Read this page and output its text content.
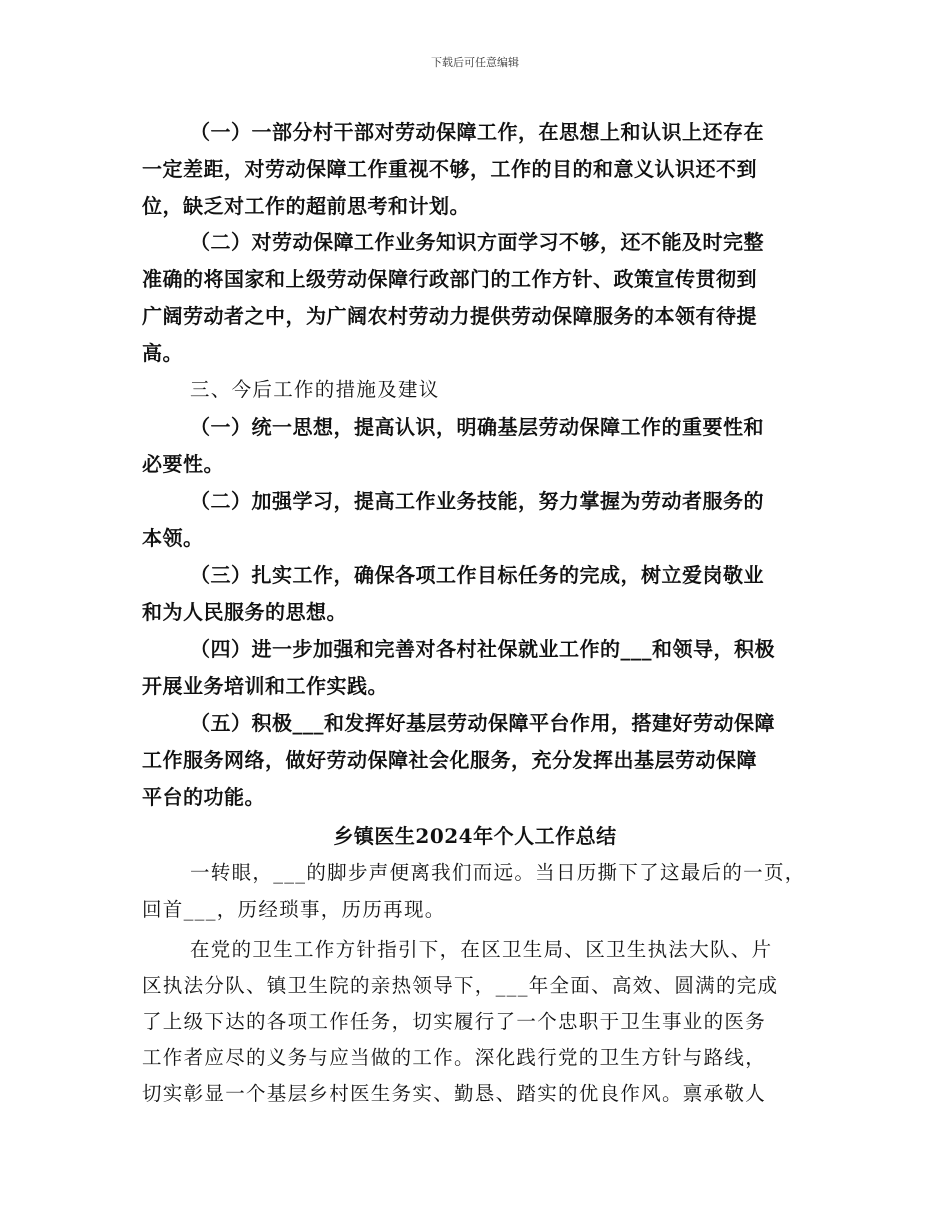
下载后可任意编辑
（一）一部分村干部对劳动保障工作，在思想上和认识上还存在
一定差距，对劳动保障工作重视不够，工作的目的和意义认识还不到
位，缺乏对工作的超前思考和计划。
（二）对劳动保障工作业务知识方面学习不够，还不能及时完整
准确的将国家和上级劳动保障行政部门的工作方针、政策宣传贯彻到
广阔劳动者之中，为广阔农村劳动力提供劳动保障服务的本领有待提
高。
三、今后工作的措施及建议
（一）统一思想，提高认识，明确基层劳动保障工作的重要性和
必要性。
（二）加强学习，提高工作业务技能，努力掌握为劳动者服务的
本领。
（三）扎实工作，确保各项工作目标任务的完成，树立爱岗敬业
和为人民服务的思想。
（四）进一步加强和完善对各村社保就业工作的___和领导，积极
开展业务培训和工作实践。
（五）积极___和发挥好基层劳动保障平台作用，搭建好劳动保障
工作服务网络，做好劳动保障社会化服务，充分发挥出基层劳动保障
平台的功能。
乡镇医生2024年个人工作总结
一转眼，___的脚步声便离我们而远。当日历撕下了这最后的一页，
回首___，历经琐事，历历再现。
在党的卫生工作方针指引下，在区卫生局、区卫生执法大队、片
区执法分队、镇卫生院的亲热领导下，___年全面、高效、圆满的完成
了上级下达的各项工作任务，切实履行了一个忠职于卫生事业的医务
工作者应尽的义务与应当做的工作。深化践行党的卫生方针与路线，
切实彰显一个基层乡村医生务实、勤恳、踏实的优良作风。禀承敬人
